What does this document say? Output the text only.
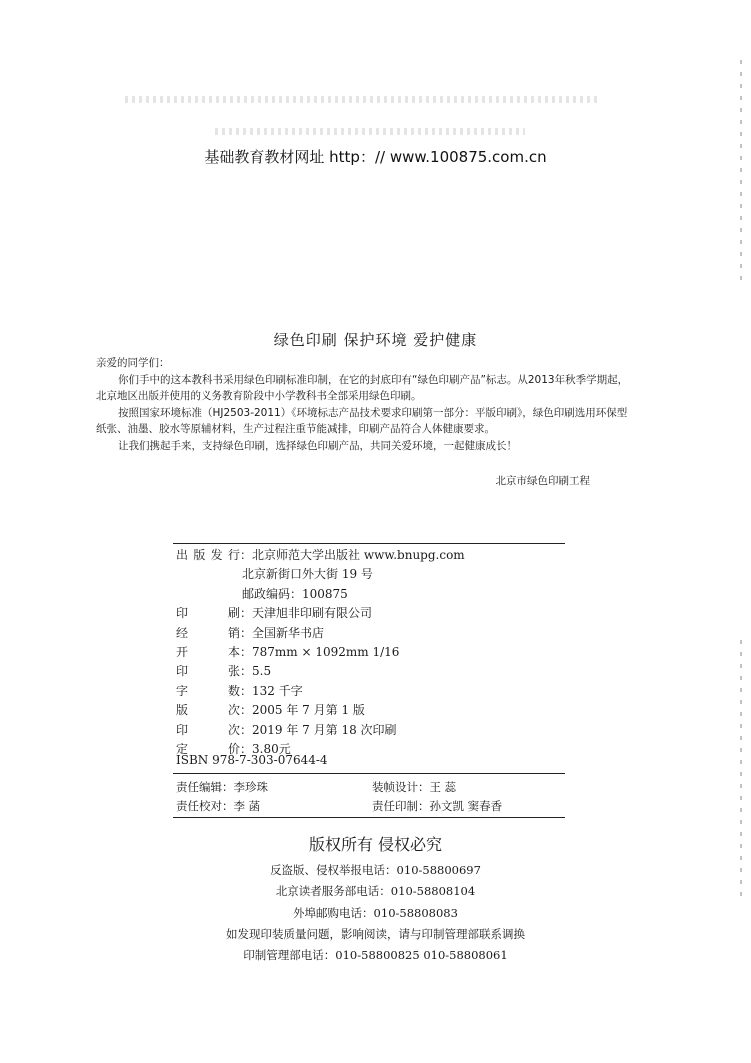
基础教育教材网址 http：// www.100875.com.cn
绿色印刷 保护环境 爱护健康

亲爱的同学们：

你们手中的这本教科书采用绿色印刷标准印制，在它的封底印有“绿色印刷产品”标志。从2013年秋季学期起，北京地区出版并使用的义务教育阶段中小学教科书全部采用绿色印刷。

按照国家环境标准（HJ2503-2011）《环境标志产品技术要求印刷第一部分：平版印刷》，绿色印刷选用环保型纸张、油墨、胶水等原辅材料，生产过程注重节能减排，印刷产品符合人体健康要求。

让我们携起手来，支持绿色印刷，选择绿色印刷产品，共同关爱环境，一起健康成长！

北京市绿色印刷工程
出版发行：北京师范大学出版社 www.bnupg.com
北京新街口外大街 19 号
邮政编码：100875
印刷：天津旭非印刷有限公司
经销：全国新华书店
开本：787mm × 1092mm 1/16
印张：5.5
字数：132 千字
版次：2005 年 7 月第 1 版
印次：2019 年 7 月第 18 次印刷
定价：3.80元
ISBN 978-7-303-07644-4
责任编辑：李珍珠	装帧设计：王 蕊
责任校对：李 菡	责任印制：孙文凯 窦春香
版权所有 侵权必究
反盗版、侵权举报电话：010-58800697
北京读者服务部电话：010-58808104
外埠邮购电话：010-58808083
如发现印装质量问题，影响阅读，请与印制管理部联系调换
印制管理部电话：010-58800825 010-58808061
